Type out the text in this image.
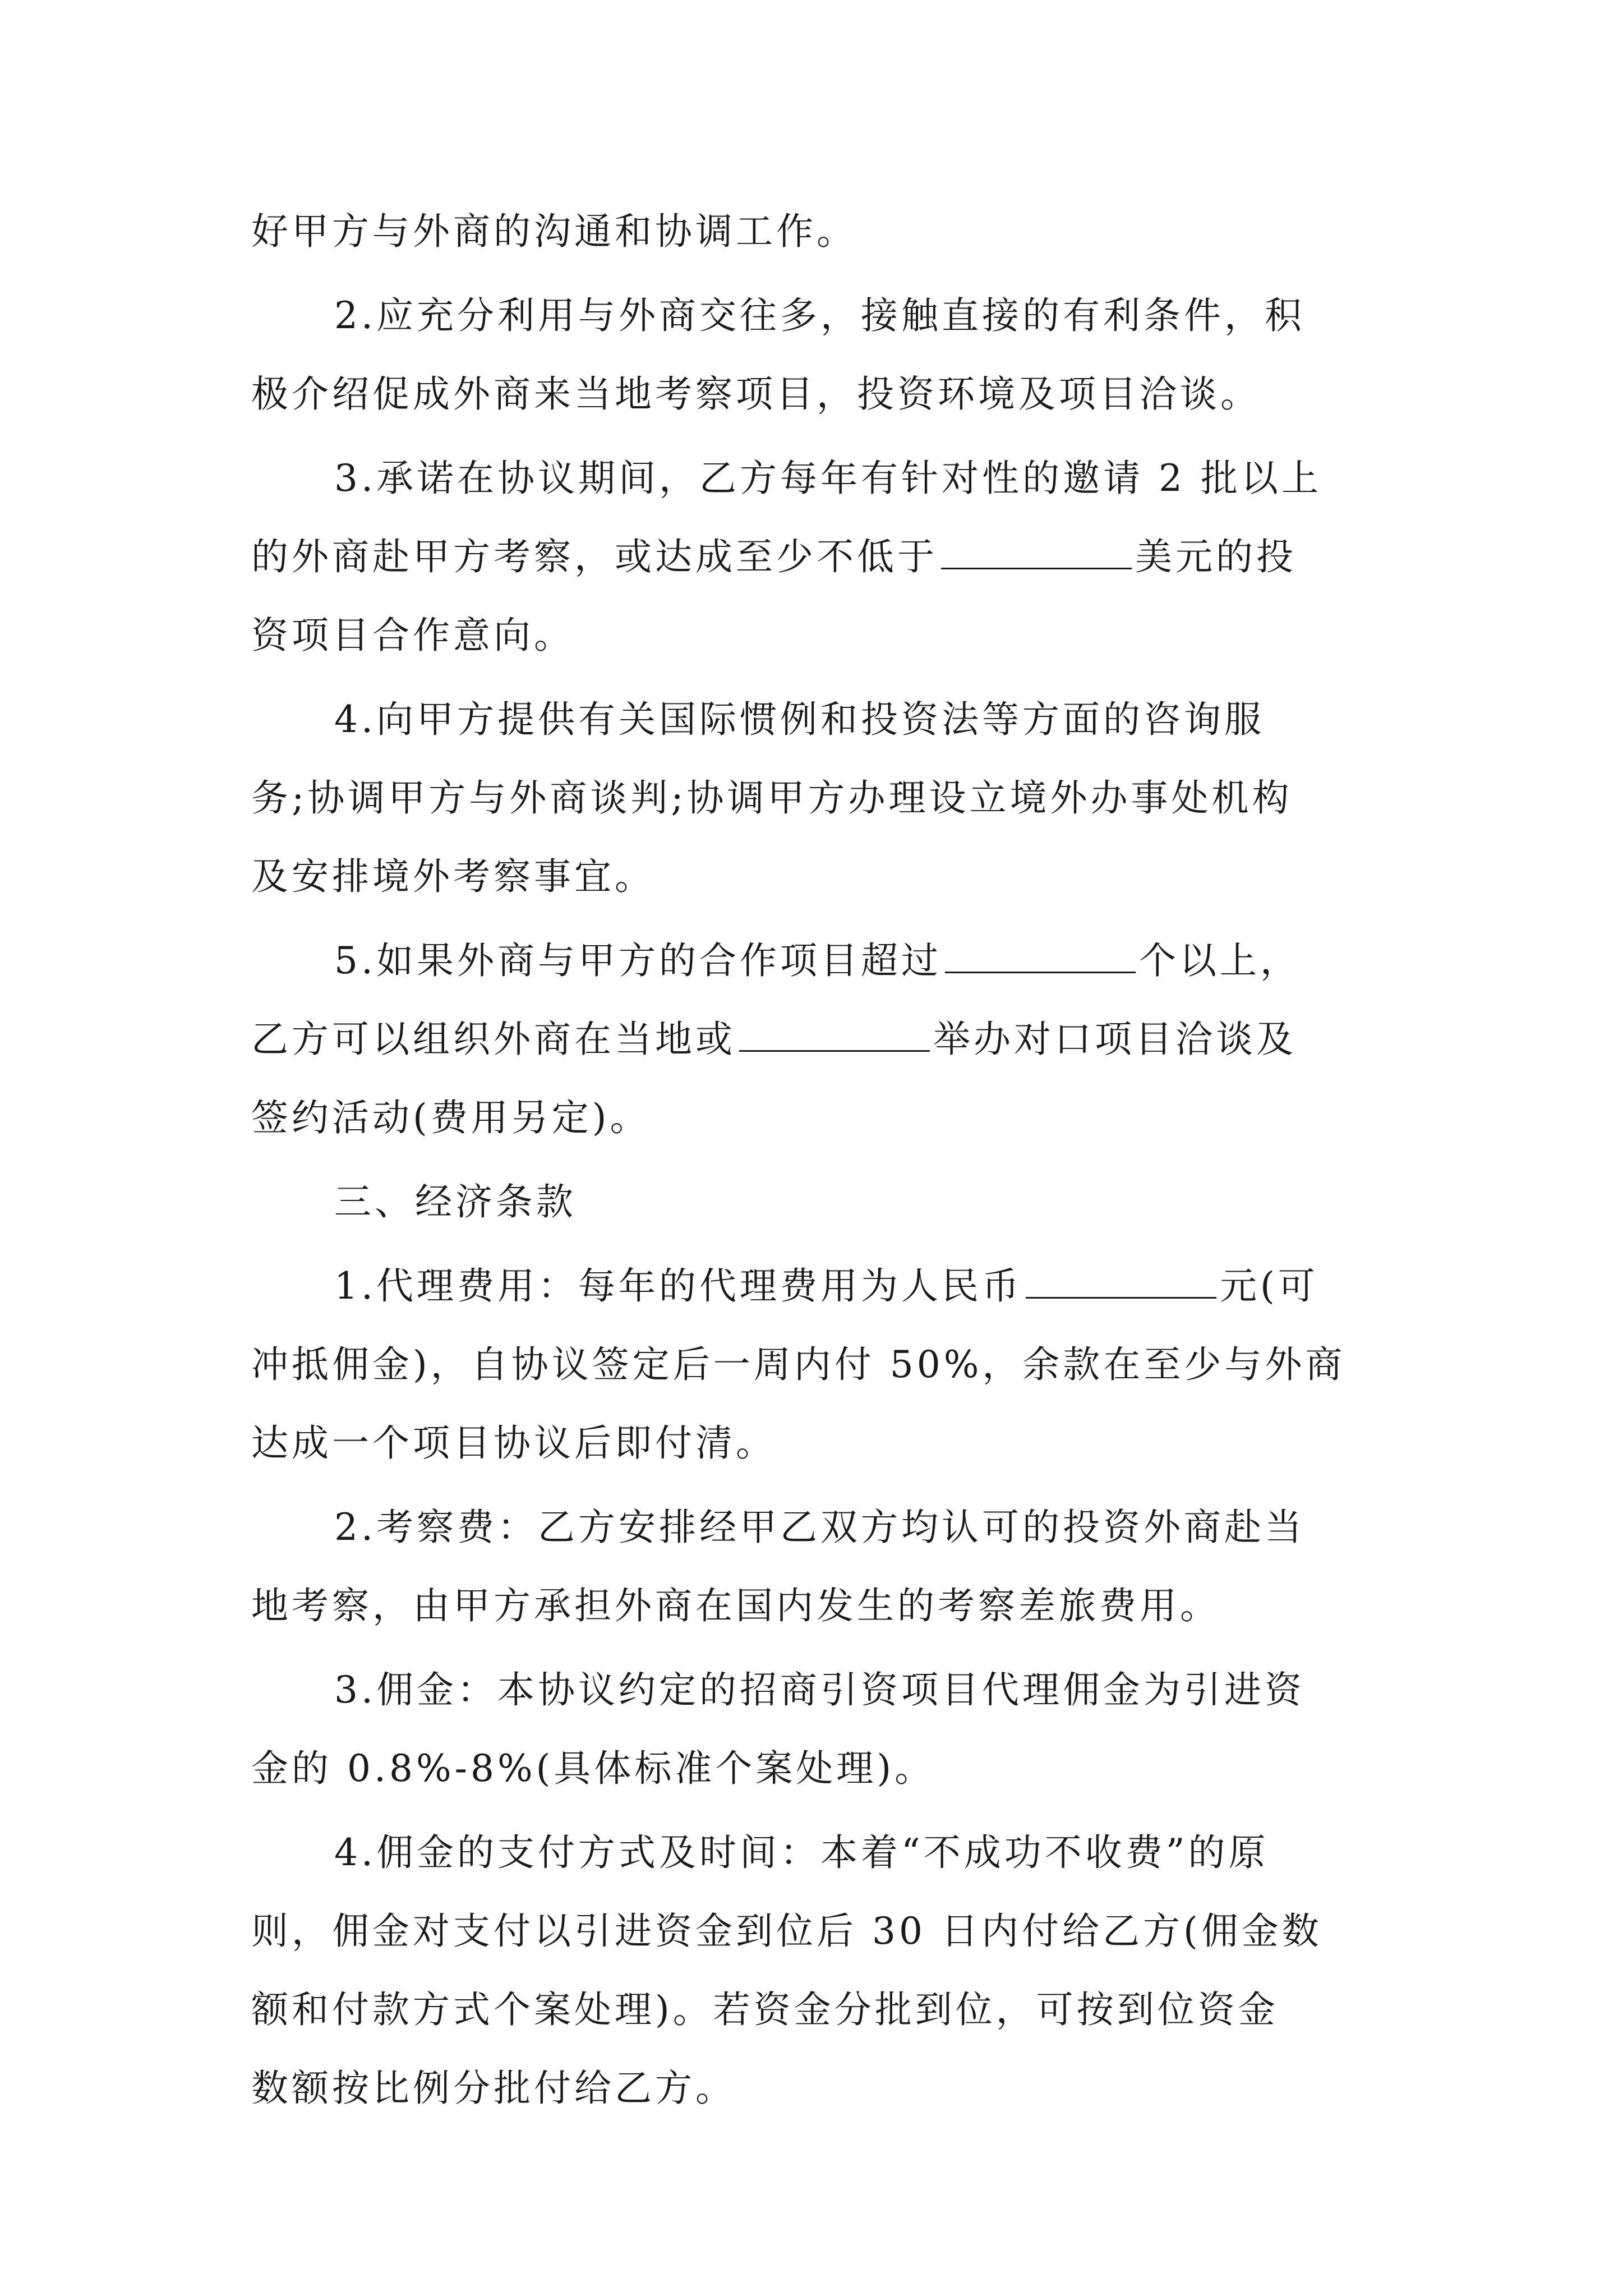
好甲方与外商的沟通和协调工作。
2.应充分利用与外商交往多，接触直接的有利条件，积
极介绍促成外商来当地考察项目，投资环境及项目洽谈。
3.承诺在协议期间，乙方每年有针对性的邀请 2 批以上
的外商赴甲方考察，或达成至少不低于	美元的投
资项目合作意向。
4.向甲方提供有关国际惯例和投资法等方面的咨询服
务;协调甲方与外商谈判;协调甲方办理设立境外办事处机构
及安排境外考察事宜。
5.如果外商与甲方的合作项目超过	个以上，
乙方可以组织外商在当地或	举办对口项目洽谈及
签约活动(费用另定)。
三、经济条款
1.代理费用：每年的代理费用为人民币	元(可
冲抵佣金)，自协议签定后一周内付 50%，余款在至少与外商
达成一个项目协议后即付清。
2.考察费：乙方安排经甲乙双方均认可的投资外商赴当
地考察，由甲方承担外商在国内发生的考察差旅费用。
3.佣金：本协议约定的招商引资项目代理佣金为引进资
金的 0.8%-8%(具体标准个案处理)。
4.佣金的支付方式及时间：本着“不成功不收费”的原
则，佣金对支付以引进资金到位后 30 日内付给乙方(佣金数
额和付款方式个案处理)。若资金分批到位，可按到位资金
数额按比例分批付给乙方。
